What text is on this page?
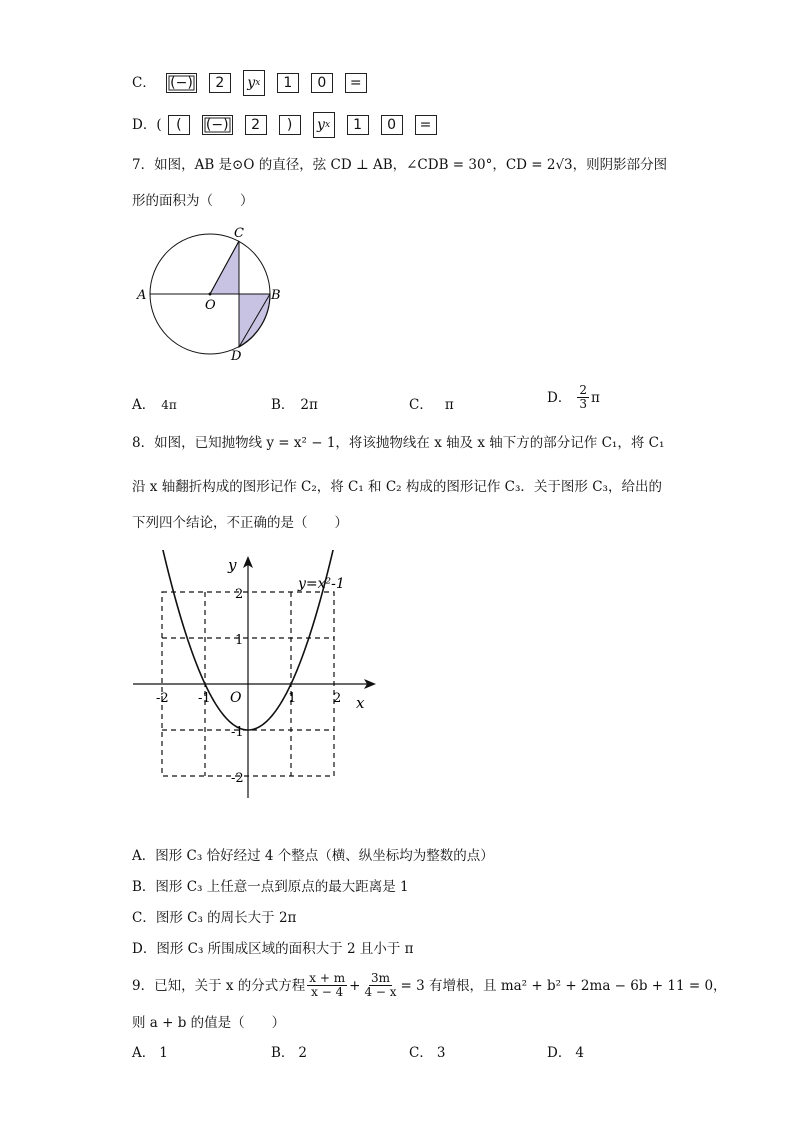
C． (−)	2	y x	1	0	=
D．(	(	(−)	2	)	y x	1	0	=
7．如图，AB 是⊙O 的直径，弦 CD ⊥ AB，∠CDB = 30°，CD = 2√3，则阴影部分图
形的面积为（　　）
A	B
C
D
O
A． 4π	B． 2π	C． π	D． $\frac{2}{3}$ π
8．如图，已知抛物线 y = x² − 1，将该抛物线在 x 轴及 x 轴下方的部分记作 C₁，将 C₁
沿 x 轴翻折构成的图形记作 C₂，将 C₁ 和 C₂ 构成的图形记作 C₃．关于图形 C₃，给出的
下列四个结论，不正确的是（　　）
y
x
O
y=x²-1
-2 -1	1	2
2
1
-1
-2
A．图形 C₃ 恰好经过 4 个整点（横、纵坐标均为整数的点）
B．图形 C₃ 上任意一点到原点的最大距离是 1
C．图形 C₃ 的周长大于 2π
D．图形 C₃ 所围成区域的面积大于 2 且小于 π
9．已知，关于 x 的分式方程 $\frac{x + m}{x - 4} + \frac{3m}{4 - x} = 3$ 有增根，且 ma² + b² + 2ma − 6b + 11 = 0，
则 a + b 的值是（　　）
A． 1	B． 2	C． 3	D． 4
